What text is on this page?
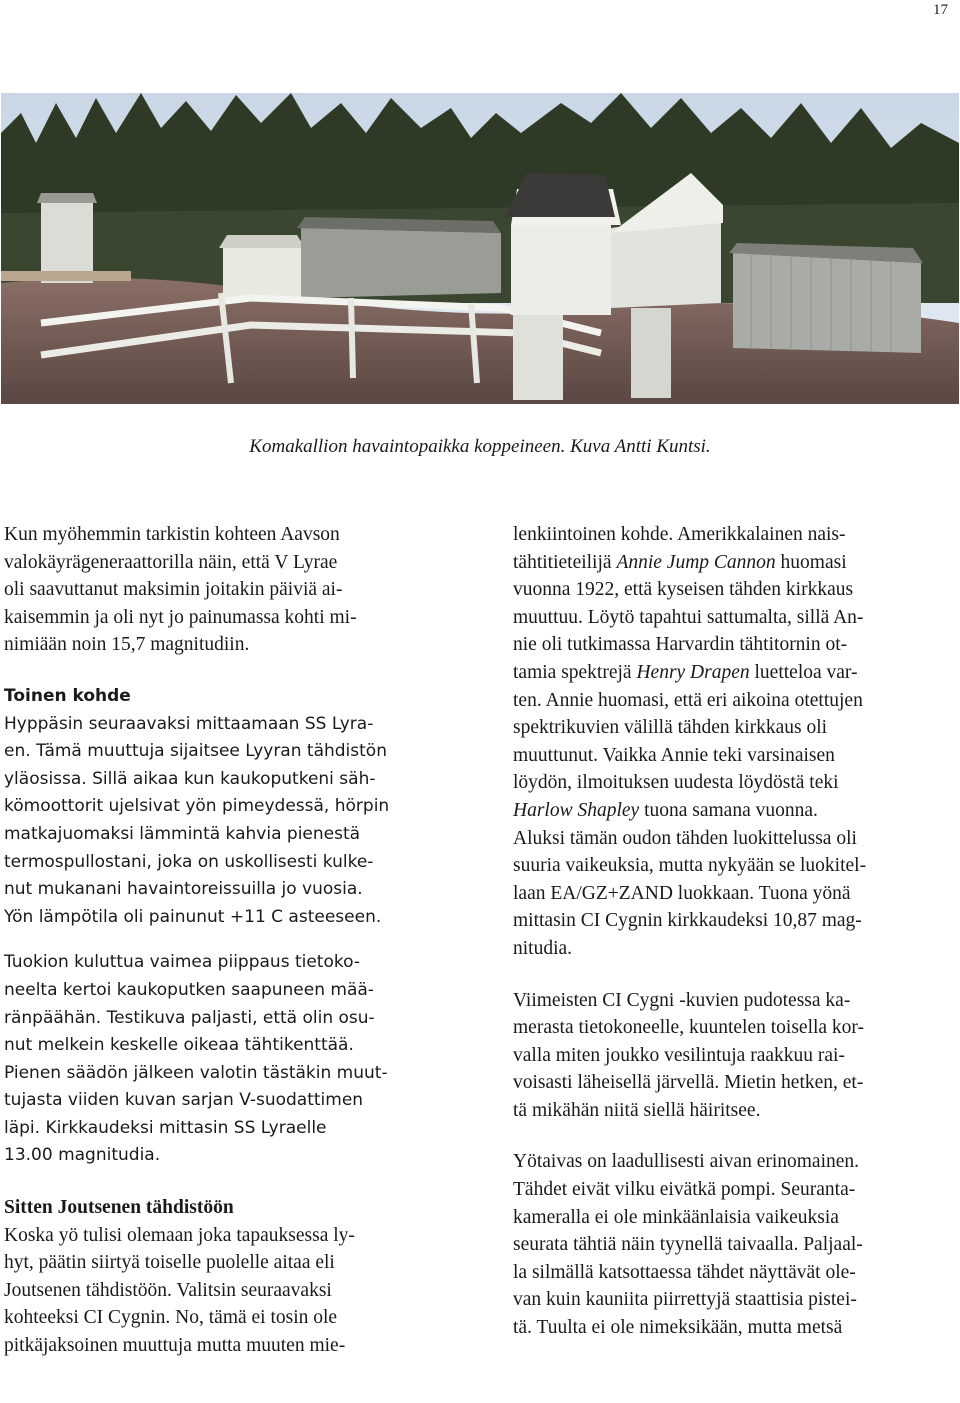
17
Komakallion havaintopaikka koppeineen. Kuva Antti Kuntsi.
Kun myöhemmin tarkistin kohteen Aavson
valokäyrägeneraattorilla näin, että V Lyrae
oli saavuttanut maksimin joitakin päiviä ai-
kaisemmin ja oli nyt jo painumassa kohti mi-
nimiään noin 15,7 magnitudiin.
Toinen kohde
Hyppäsin seuraavaksi mittaamaan SS Lyra-
en. Tämä muuttuja sijaitsee Lyyran tähdistön
yläosissa. Sillä aikaa kun kaukoputkeni säh-
kömoottorit ujelsivat yön pimeydessä, hörpin
matkajuomaksi lämmintä kahvia pienestä
termospullostani, joka on uskollisesti kulke-
nut mukanani havaintoreissuilla jo vuosia.
Yön lämpötila oli painunut +11 C asteeseen.
Tuokion kuluttua vaimea piippaus tietoko-
neelta kertoi kaukoputken saapuneen mää-
ränpäähän. Testikuva paljasti, että olin osu-
nut melkein keskelle oikeaa tähtikenttää.
Pienen säädön jälkeen valotin tästäkin muut-
tujasta viiden kuvan sarjan V-suodattimen
läpi. Kirkkaudeksi mittasin SS Lyraelle
13.00 magnitudia.
Sitten Joutsenen tähdistöön
Koska yö tulisi olemaan joka tapauksessa ly-
hyt, päätin siirtyä toiselle puolelle aitaa eli
Joutsenen tähdistöön. Valitsin seuraavaksi
kohteeksi CI Cygnin. No, tämä ei tosin ole
pitkäjaksoinen muuttuja mutta muuten mie-
lenkiintoinen kohde. Amerikkalainen nais-
tähtitieteilijä Annie Jump Cannon huomasi
vuonna 1922, että kyseisen tähden kirkkaus
muuttuu. Löytö tapahtui sattumalta, sillä An-
nie oli tutkimassa Harvardin tähtitornin ot-
tamia spektrejä Henry Drapen luetteloa var-
ten. Annie huomasi, että eri aikoina otettujen
spektrikuvien välillä tähden kirkkaus oli
muuttunut. Vaikka Annie teki varsinaisen
löydön, ilmoituksen uudesta löydöstä teki
Harlow Shapley tuona samana vuonna.
Aluksi tämän oudon tähden luokittelussa oli
suuria vaikeuksia, mutta nykyään se luokitel-
laan EA/GZ+ZAND luokkaan. Tuona yönä
mittasin CI Cygnin kirkkaudeksi 10,87 mag-
nitudia.
Viimeisten CI Cygni -kuvien pudotessa ka-
merasta tietokoneelle, kuuntelen toisella kor-
valla miten joukko vesilintuja raakkuu rai-
voisasti läheisellä järvellä. Mietin hetken, et-
tä mikähän niitä siellä häiritsee.
Yötaivas on laadullisesti aivan erinomainen.
Tähdet eivät vilku eivätkä pompi. Seuranta-
kameralla ei ole minkäänlaisia vaikeuksia
seurata tähtiä näin tyynellä taivaalla. Paljaal-
la silmällä katsottaessa tähdet näyttävät ole-
van kuin kauniita piirrettyjä staattisia pistei-
tä. Tuulta ei ole nimeksikään, mutta metsä
